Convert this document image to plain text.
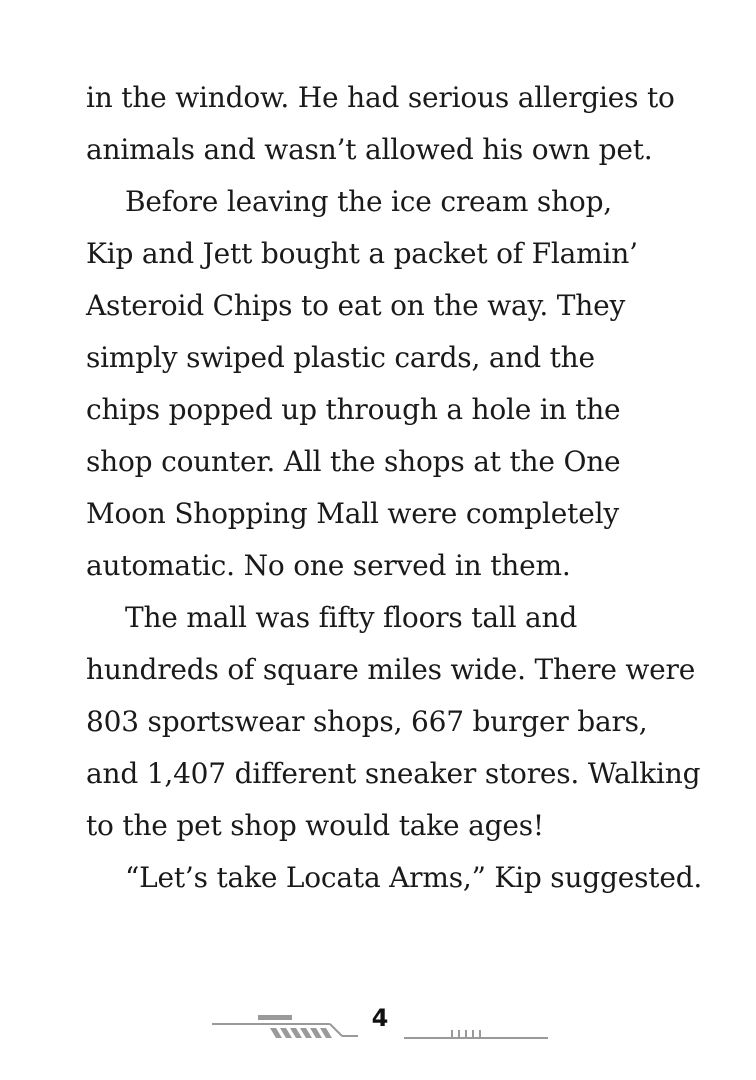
in the window. He had serious allergies to
animals and wasn’t allowed his own pet.
Before leaving the ice cream shop,
Kip and Jett bought a packet of Flamin’
Asteroid Chips to eat on the way. They
simply swiped plastic cards, and the
chips popped up through a hole in the
shop counter. All the shops at the One
Moon Shopping Mall were completely
automatic. No one served in them.
The mall was fifty floors tall and
hundreds of square miles wide. There were
803 sportswear shops, 667 burger bars,
and 1,407 different sneaker stores. Walking
to the pet shop would take ages!
“Let’s take Locata Arms,” Kip suggested.
4
